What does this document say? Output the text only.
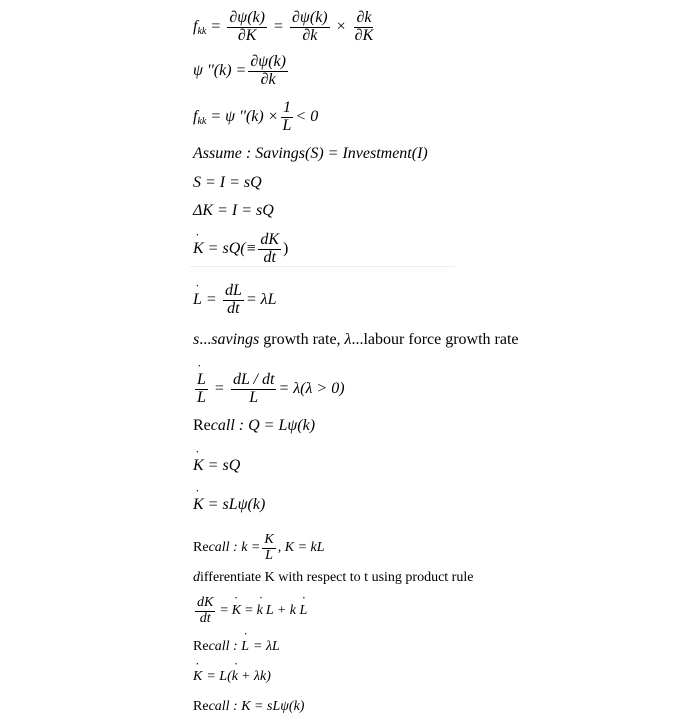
f kk = $\frac{\partial\psi(k)}{\partial K} = \frac{\partial\psi(k)}{\partial k} \times \frac{\partial k}{\partial K}$
ψ ''$(k) = \frac{\partial\psi(k)}{\partial k}$
f kk = ψ ''$(k) \times \frac{1}{L} < 0$
Assume : Savings(S) = Investment(I)
S = I = sQ
ΔK = I = sQ
˙ $K = sQ(\equiv \frac{dK}{dt}$ )
˙ $L = \frac{dL}{dt} = \lambda L$
s ... savings growth rate, λ ...labour force growth rate
˙ $\frac{L}{L} = \frac{dL / dt}{L} = \lambda(\lambda > 0)$
Re call : Q = Lψ(k)
˙ K = sQ
˙ K = sLψ(k)
Re call : $k = \frac{K}{L}$ , K = kL
d ifferentiate K with respect to t using product rule
$\frac{dK}{dt}$ = ˙ K = ˙ k L + k ˙ L
Re call : ˙ L = λL
˙ K = L( ˙ k + λk)
Re call : K = sLψ(k)
